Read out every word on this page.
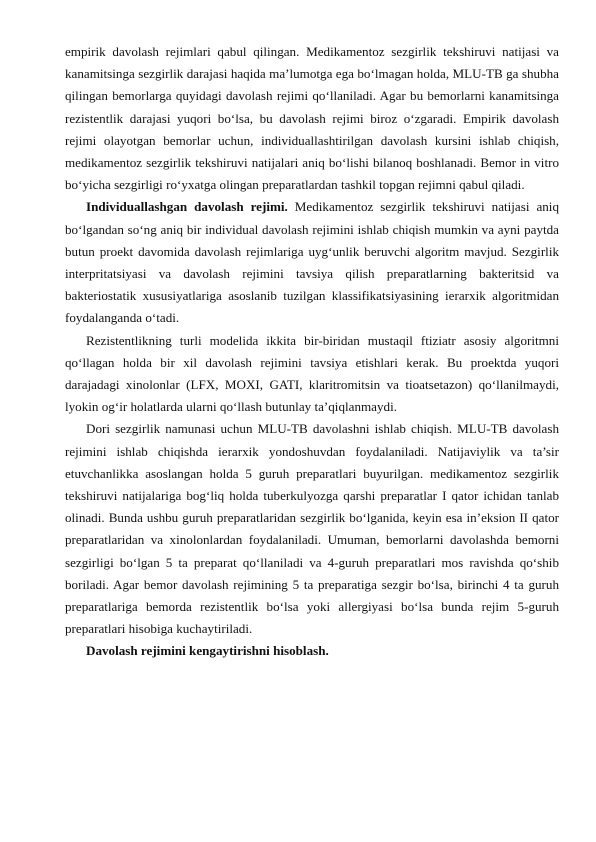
empirik davolash rejimlari qabul qilingan. Medikamentoz sezgirlik tekshiruvi natijasi va kanamitsinga sezgirlik darajasi haqida ma’lumotga ega bo‘lmagan holda, MLU-TB ga shubha qilingan bemorlarga quyidagi davolash rejimi qo‘llaniladi. Agar bu bemorlarni kanamitsinga rezistentlik darajasi yuqori bo‘lsa, bu davolash rejimi biroz o‘zgaradi. Empirik davolash rejimi olayotgan bemorlar uchun, individuallashtirilgan davolash kursini ishlab chiqish, medikamentoz sezgirlik tekshiruvi natijalari aniq bo‘lishi bilanoq boshlanadi. Bemor in vitro bo‘yicha sezgirligi ro‘yxatga olingan preparatlardan tashkil topgan rejimni qabul qiladi.

Individuallashgan davolash rejimi. Medikamentoz sezgirlik tekshiruvi natijasi aniq bo‘lgandan so‘ng aniq bir individual davolash rejimini ishlab chiqish mumkin va ayni paytda butun proekt davomida davolash rejimlariga uyg‘unlik beruvchi algoritm mavjud. Sezgirlik interpritatsiyasi va davolash rejimini tavsiya qilish preparatlarning bakteritsid va bakteriostatik xususiyatlariga asoslanib tuzilgan klassifikatsiyasining ierarxik algoritmidan foydalanganda o‘tadi.

Rezistentlikning turli modelida ikkita bir-biridan mustaqil ftiziatr asosiy algoritmni qo‘llagan holda bir xil davolash rejimini tavsiya etishlari kerak. Bu proektda yuqori darajadagi xinolonlar (LFX, MOXI, GATI, klaritromitsin va tioatsetazon) qo‘llanilmaydi, lyokin og‘ir holatlarda ularni qo‘llash butunlay ta’qiqlanmaydi.

Dori sezgirlik namunasi uchun MLU-TB davolashni ishlab chiqish. MLU-TB davolash rejimini ishlab chiqishda ierarxik yondoshuvdan foydalaniladi. Natijaviylik va ta’sir etuvchanlikka asoslangan holda 5 guruh preparatlari buyurilgan. medikamentoz sezgirlik tekshiruvi natijalariga bog‘liq holda tuberkulyozga qarshi preparatlar I qator ichidan tanlab olinadi. Bunda ushbu guruh preparatlaridan sezgirlik bo‘lganida, keyin esa in’eksion II qator preparatlaridan va xinolonlardan foydalaniladi. Umuman, bemorlarni davolashda bemorni sezgirligi bo‘lgan 5 ta preparat qo‘llaniladi va 4-guruh preparatlari mos ravishda qo‘shib boriladi. Agar bemor davolash rejimining 5 ta preparatiga sezgir bo‘lsa, birinchi 4 ta guruh preparatlariga bemorda rezistentlik bo‘lsa yoki allergiyasi bo‘lsa bunda rejim 5-guruh preparatlari hisobiga kuchaytiriladi.

Davolash rejimini kengaytirishni hisoblash.
